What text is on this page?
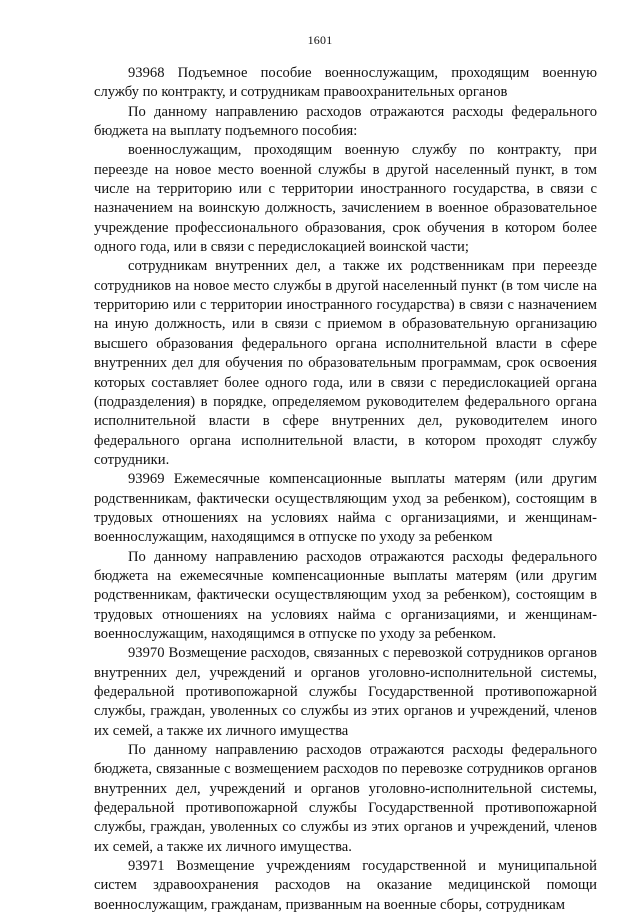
1601

93968 Подъемное пособие военнослужащим, проходящим военную службу по контракту, и сотрудникам правоохранительных органов

По данному направлению расходов отражаются расходы федерального бюджета на выплату подъемного пособия:

военнослужащим, проходящим военную службу по контракту, при переезде на новое место военной службы в другой населенный пункт, в том числе на территорию или с территории иностранного государства, в связи с назначением на воинскую должность, зачислением в военное образовательное учреждение профессионального образования, срок обучения в котором более одного года, или в связи с передислокацией воинской части;

сотрудникам внутренних дел, а также их родственникам при переезде сотрудников на новое место службы в другой населенный пункт (в том числе на территорию или с территории иностранного государства) в связи с назначением на иную должность, или в связи с приемом в образовательную организацию высшего образования федерального органа исполнительной власти в сфере внутренних дел для обучения по образовательным программам, срок освоения которых составляет более одного года, или в связи с передислокацией органа (подразделения) в порядке, определяемом руководителем федерального органа исполнительной власти в сфере внутренних дел, руководителем иного федерального органа исполнительной власти, в котором проходят службу сотрудники.

93969 Ежемесячные компенсационные выплаты матерям (или другим родственникам, фактически осуществляющим уход за ребенком), состоящим в трудовых отношениях на условиях найма с организациями, и женщинам-военнослужащим, находящимся в отпуске по уходу за ребенком

По данному направлению расходов отражаются расходы федерального бюджета на ежемесячные компенсационные выплаты матерям (или другим родственникам, фактически осуществляющим уход за ребенком), состоящим в трудовых отношениях на условиях найма с организациями, и женщинам-военнослужащим, находящимся в отпуске по уходу за ребенком.

93970 Возмещение расходов, связанных с перевозкой сотрудников органов внутренних дел, учреждений и органов уголовно-исполнительной системы, федеральной противопожарной службы Государственной противопожарной службы, граждан, уволенных со службы из этих органов и учреждений, членов их семей, а также их личного имущества

По данному направлению расходов отражаются расходы федерального бюджета, связанные с возмещением расходов по перевозке сотрудников органов внутренних дел, учреждений и органов уголовно-исполнительной системы, федеральной противопожарной службы Государственной противопожарной службы, граждан, уволенных со службы из этих органов и учреждений, членов их семей, а также их личного имущества.

93971 Возмещение учреждениям государственной и муниципальной систем здравоохранения расходов на оказание медицинской помощи военнослужащим, гражданам, призванным на военные сборы, сотрудникам
